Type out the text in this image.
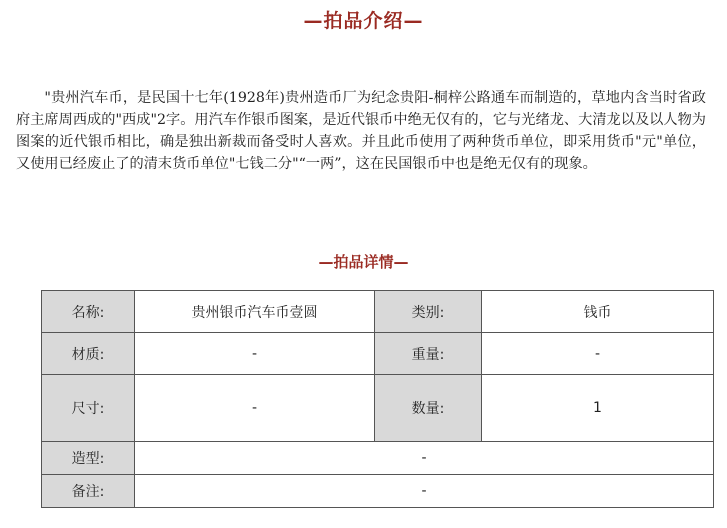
—拍品介绍—

"贵州汽车币，是民国十七年(1928年)贵州造币厂为纪念贵阳-桐梓公路通车而制造的，草地内含当时省政府主席周西成的"西成"2字。用汽车作银币图案，是近代银币中绝无仅有的，它与光绪龙、大清龙以及以人物为图案的近代银币相比，确是独出新裁而备受时人喜欢。并且此币使用了两种货币单位，即采用货币"元"单位，又使用已经废止了的清末货币单位"七钱二分"“一两”，这在民国银币中也是绝无仅有的现象。

—拍品详情—
名称:	贵州银币汽车币壹圆	类别:	钱币
材质:	-	重量:	-
尺寸:	-	数量:	1
造型:	-		
备注:	-		
